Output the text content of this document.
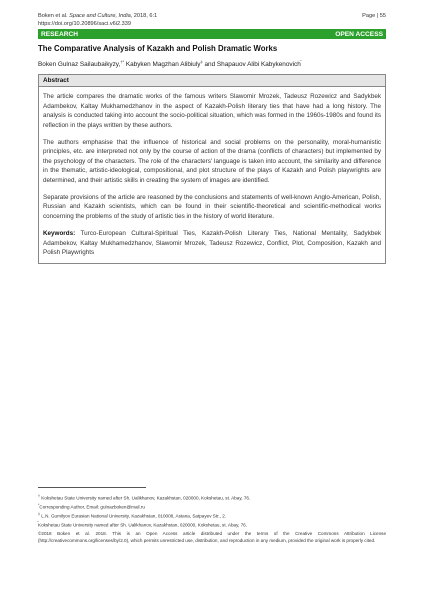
Boken et al. Space and Culture, India, 2018, 6:1
https://doi.org/10.20896/saci.v6i2.339
Page | 55
RESEARCH	OPEN ACCESS
The Comparative Analysis of Kazakh and Polish Dramatic Works
Boken Gulnaz Sailaubaikyzy,†* Kabyken Magzhan Alibiuly‡ and Shapauov Alibi Kabykenovich
Abstract

The article compares the dramatic works of the famous writers Slawomir Mrozek, Tadeusz Rozewicz and Sadykbek Adambekov, Kaltay Mukhamedzhanov in the aspect of Kazakh-Polish literary ties that have had a long history. The analysis is conducted taking into account the socio-political situation, which was formed in the 1960s-1980s and found its reflection in the plays written by these authors.

The authors emphasise that the influence of historical and social problems on the personality, moral-humanistic principles, etc. are interpreted not only by the course of action of the drama (conflicts of characters) but implemented by the psychology of the characters. The role of the characters' language is taken into account, the similarity and difference in the thematic, artistic-ideological, compositional, and plot structure of the plays of Kazakh and Polish playwrights are determined, and their artistic skills in creating the system of images are identified.

Separate provisions of the article are reasoned by the conclusions and statements of well-known Anglo-American, Polish, Russian and Kazakh scientists, which can be found in their scientific-theoretical and scientific-methodical works concerning the problems of the study of artistic ties in the history of world literature.

Keywords: Turco-European Cultural-Spiritual Ties, Kazakh-Polish Literary Ties, National Mentality, Sadykbek Adambekov, Kaltay Mukhamedzhanov, Slawomir Mrozek, Tadeusz Rozewicz, Conflict, Plot, Composition, Kazakh and Polish Playwrights

† Kokshetau State University named after Sh. Ualikhanov, Kazakhstan, 020000, Kokshetau, st. Abay, 76.
*Corresponding Author, Email: gulnazboken@mail.ru
‡ L.N. Gumilyov Eurasian National University, Kazakhstan, 010008, Astana, Satpayev Str., 2.
Kokshetau State University named after Sh. Ualikhanov, Kazakhstan, 020000, Kokshetau, st. Abay, 76.
©2018 Boken et al. 2018. This is an Open Access article distributed under the terms of the Creative Commons Attribution License (http://creativecommons.org/licenses/by/2.0), which permits unrestricted use, distribution, and reproduction in any medium, provided the original work is properly cited.
